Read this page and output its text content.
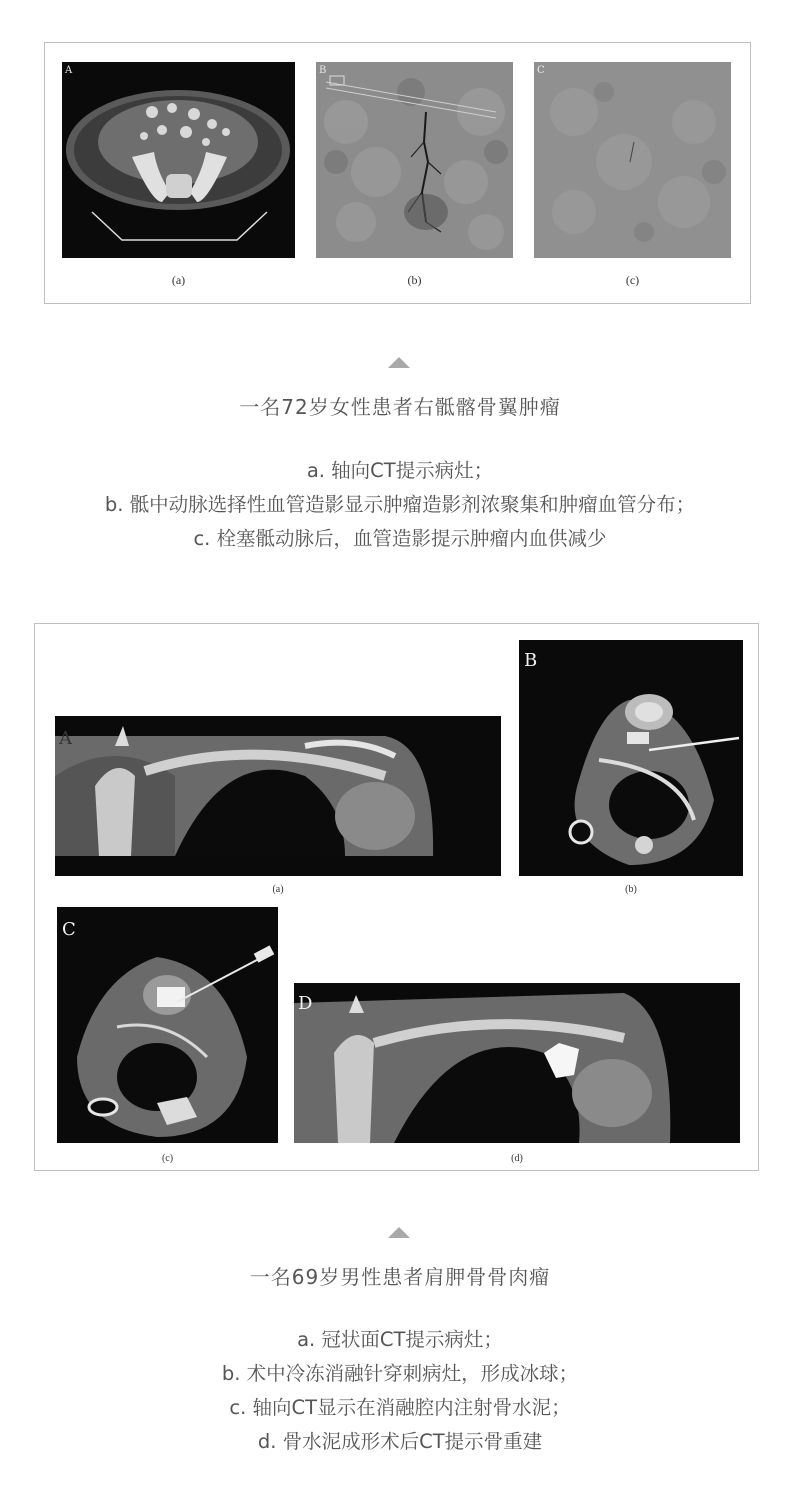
A	B	C
(a)	(b)	(c)
一名72岁女性患者右骶髂骨翼肿瘤
a. 轴向CT提示病灶；
b. 骶中动脉选择性血管造影显示肿瘤造影剂浓聚集和肿瘤血管分布；
c. 栓塞骶动脉后，血管造影提示肿瘤内血供减少
A
B
C
D
(a)	(b)
(c)	(d)
一名69岁男性患者肩胛骨骨肉瘤
a. 冠状面CT提示病灶；
b. 术中冷冻消融针穿刺病灶，形成冰球；
c. 轴向CT显示在消融腔内注射骨水泥；
d. 骨水泥成形术后CT提示骨重建
